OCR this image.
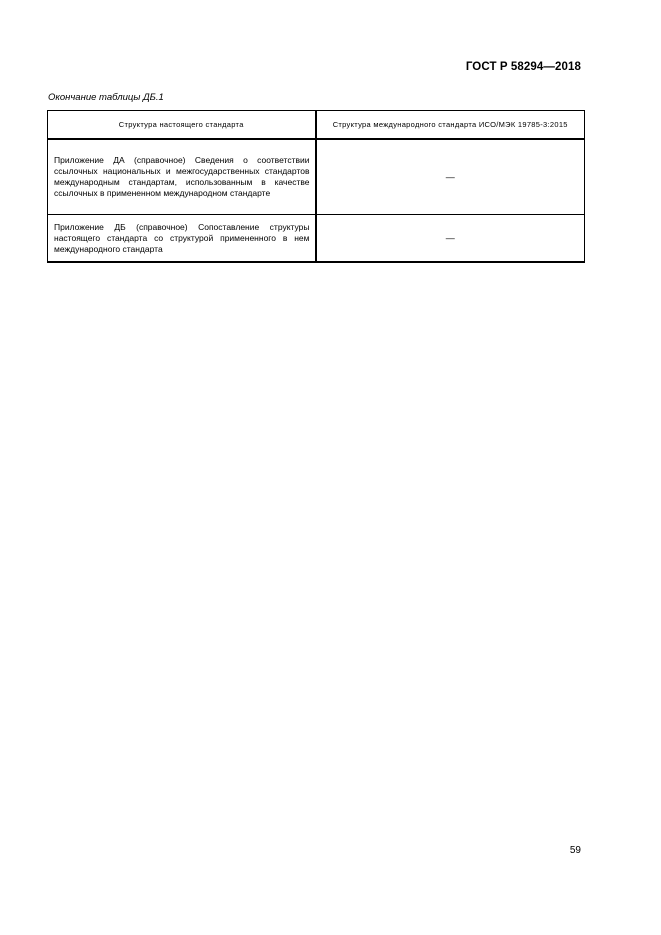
ГОСТ Р 58294—2018
Окончание таблицы ДБ.1
Структура настоящего стандарта	Структура международного стандарта ИСО/МЭК 19785-3:2015
Приложение ДА (справочное) Сведения о соответствии ссылочных национальных и межгосударственных стандартов международным стандартам, использованным в качестве ссылочных в примененном международном стандарте	—
Приложение ДБ (справочное) Сопоставление структуры настоящего стандарта со структурой примененного в нем международного стандарта	—
59
